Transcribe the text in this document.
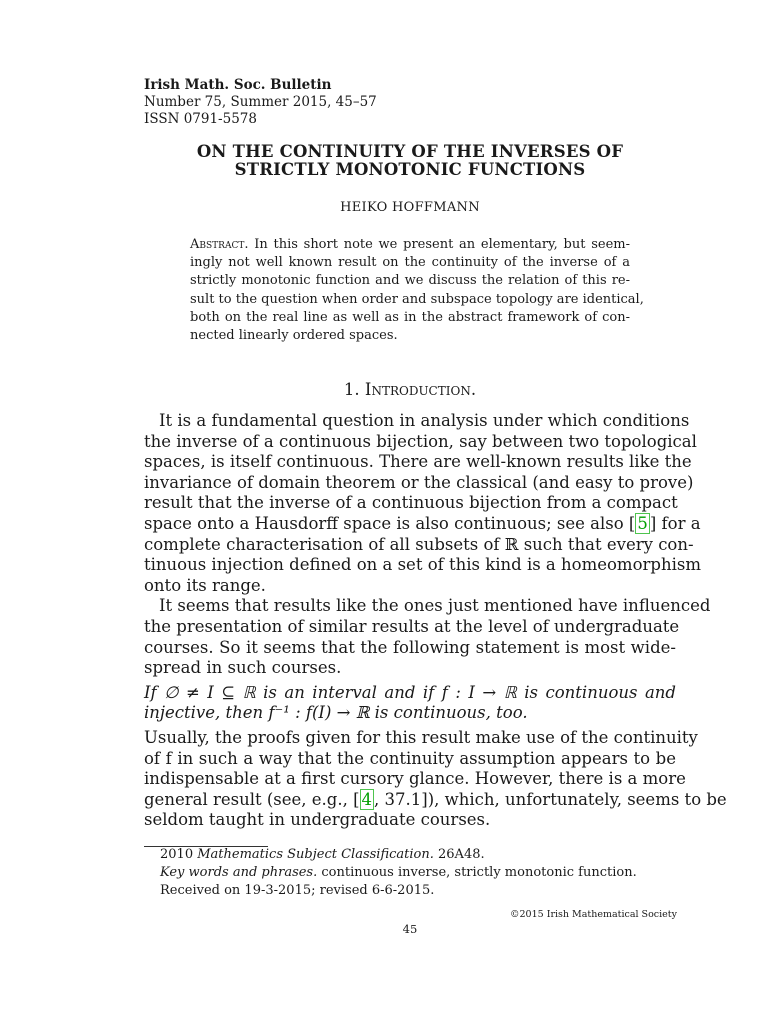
Irish Math. Soc. Bulletin
Number 75, Summer 2015, 45–57
ISSN 0791-5578
ON THE CONTINUITY OF THE INVERSES OF
STRICTLY MONOTONIC FUNCTIONS
HEIKO HOFFMANN
Abstract. In this short note we present an elementary, but seem-
ingly not well known result on the continuity of the inverse of a
strictly monotonic function and we discuss the relation of this re-
sult to the question when order and subspace topology are identical,
both on the real line as well as in the abstract framework of con-
nected linearly ordered spaces.
1. Introduction.
It is a fundamental question in analysis under which conditions
the inverse of a continuous bijection, say between two topological
spaces, is itself continuous. There are well-known results like the
invariance of domain theorem or the classical (and easy to prove)
result that the inverse of a continuous bijection from a compact
space onto a Hausdorff space is also continuous; see also [ 5 ] for a
complete characterisation of all subsets of ℝ such that every con-
tinuous injection defined on a set of this kind is a homeomorphism
onto its range.
It seems that results like the ones just mentioned have influenced
the presentation of similar results at the level of undergraduate
courses. So it seems that the following statement is most wide-
spread in such courses.
If ∅ ≠ I ⊆ ℝ is an interval and if f : I → ℝ is continuous and
injective, then f⁻¹ : f(I) → ℝ is continuous, too.
Usually, the proofs given for this result make use of the continuity
of f in such a way that the continuity assumption appears to be
indispensable at a first cursory glance. However, there is a more
general result (see, e.g., [ 4 , 37.1]), which, unfortunately, seems to be
seldom taught in undergraduate courses.
2010 Mathematics Subject Classification. 26A48.
Key words and phrases. continuous inverse, strictly monotonic function.
Received on 19-3-2015; revised 6-6-2015.
©2015 Irish Mathematical Society
45
